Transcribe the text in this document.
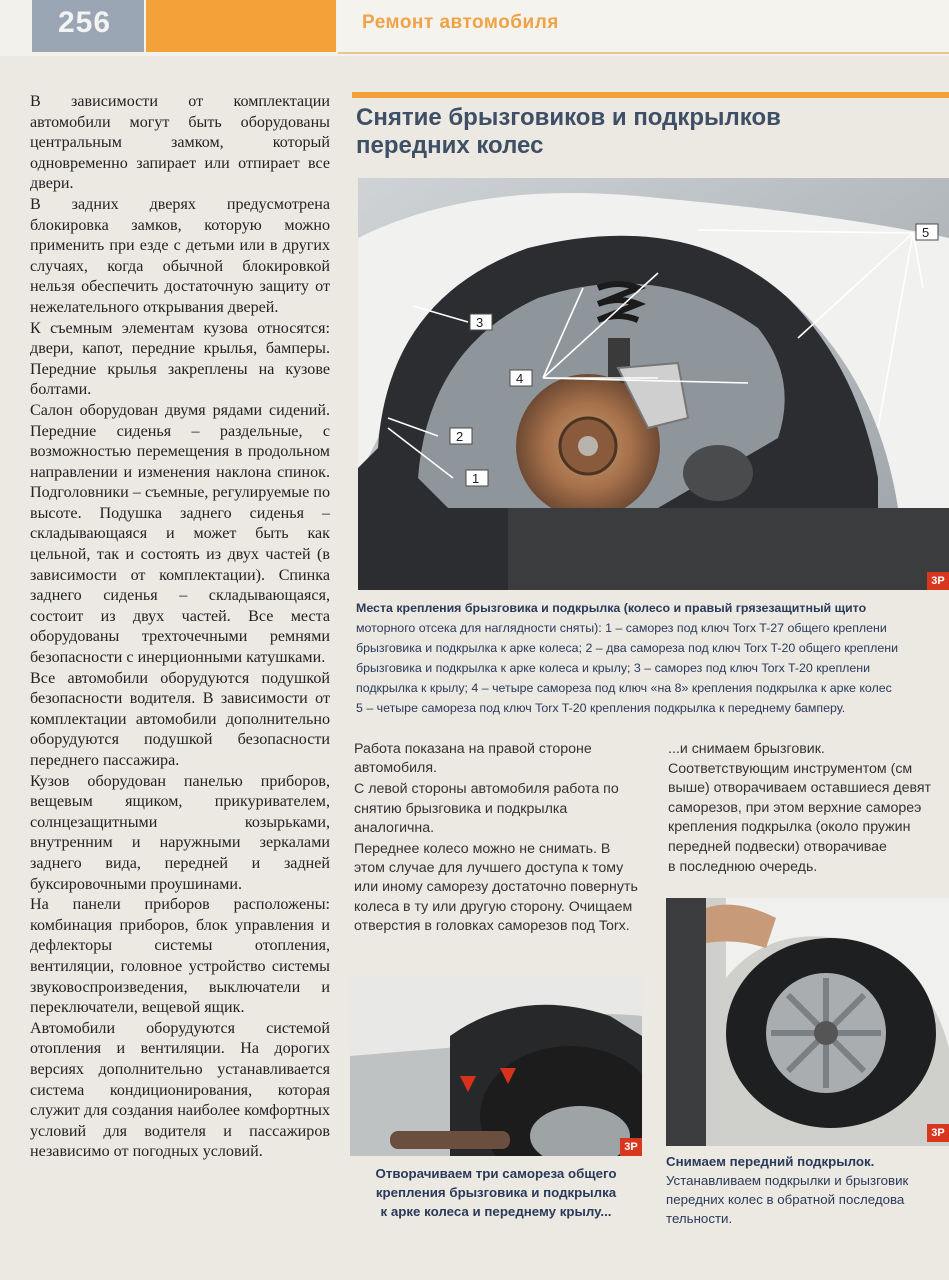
256	Ремонт автомобиля

В зависимости от комплектации автомобили могут быть оборудованы центральным замком, который одновременно запирает или отпирает все двери.

В задних дверях предусмотрена блокировка замков, которую можно применить при езде с детьми или в других случаях, когда обычной блокировкой нельзя обеспечить достаточную защиту от нежелательного открывания дверей.

К съемным элементам кузова относятся: двери, капот, передние крылья, бамперы. Передние крылья закреплены на кузове болтами.

Салон оборудован двумя рядами сидений. Передние сиденья – раздельные, с возможностью перемещения в продольном направлении и изменения наклона спинок. Подголовники – съемные, регулируемые по высоте. Подушка заднего сиденья – складывающаяся и может быть как цельной, так и состоять из двух частей (в зависимости от комплектации). Спинка заднего сиденья – складывающаяся, состоит из двух частей. Все места оборудованы трехточечными ремнями безопасности с инерционными катушками.

Все автомобили оборудуются подушкой безопасности водителя. В зависимости от комплектации автомобили дополнительно оборудуются подушкой безопасности переднего пассажира.

Кузов оборудован панелью приборов, вещевым ящиком, прикуривателем, солнцезащитными козырьками, внутренним и наружными зеркалами заднего вида, передней и задней буксировочными проушинами.

На панели приборов расположены: комбинация приборов, блок управления и дефлекторы системы отопления, вентиляции, головное устройство системы звуковоспроизведения, выключатели и переключатели, вещевой ящик.

Автомобили оборудуются системой отопления и вентиляции. На дорогих версиях дополнительно устанавливается система кондиционирования, которая служит для создания наиболее комфортных условий для водителя и пассажиров независимо от погодных условий.

Снятие брызговиков и подкрылков
передних колес
1
2
3
4
5
3P
Места крепления брызговика и подкрылка (колесо и правый грязезащитный щито
моторного отсека для наглядности сняты): 1 – саморез под ключ Torx T-27 общего креплени
брызговика и подкрылка к арке колеса; 2 – два самореза под ключ Torx T-20 общего креплени
брызговика и подкрылка к арке колеса и крылу; 3 – саморез под ключ Torx T-20 креплени
подкрылка к крылу; 4 – четыре самореза под ключ «на 8» крепления подкрылка к арке колес
5 – четыре самореза под ключ Torx T-20 крепления подкрылка к переднему бамперу.

Работа показана на правой стороне автомобиля.

С левой стороны автомобиля работа по снятию брызговика и подкрылка аналогична.

Переднее колесо можно не снимать. В этом случае для лучшего доступа к тому или иному саморезу достаточно повернуть колеса в ту или другую сторону. Очищаем отверстия в головках саморезов под Torx.

...и снимаем брызговик.
Соответствующим инструментом (см
выше) отворачиваем оставшиеся девят
саморезов, при этом верхние самореэ
крепления подкрылка (около пружин
передней подвески) отворачивае
в последнюю очередь.
3P
Отворачиваем три самореза общего
крепления брызговика и подкрылка
к арке колеса и переднему крылу...
3P
Снимаем передний подкрылок.
Устанавливаем подкрылки и брызговик
передних колес в обратной последова
тельности.
